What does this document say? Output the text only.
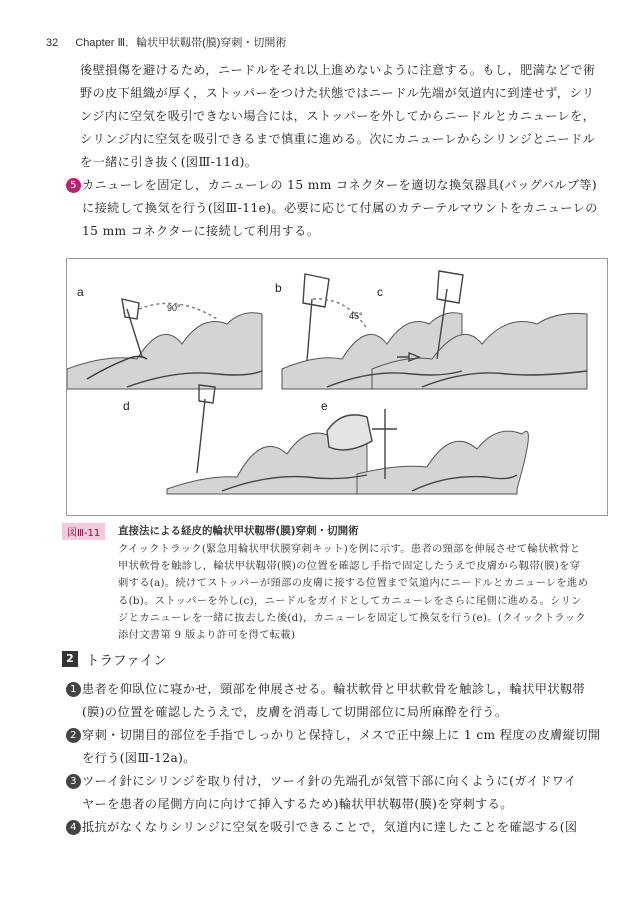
32 Chapter Ⅲ．輪状甲状靱帯(膜)穿刺・切開術

後壁損傷を避けるため，ニードルをそれ以上進めないように注意する。もし，肥満などで術

野の皮下組織が厚く，ストッパーをつけた状態ではニードル先端が気道内に到達せず，シリ

ンジ内に空気を吸引できない場合には，ストッパーを外してからニードルとカニューレを，

シリンジ内に空気を吸引できるまで慎重に進める。次にカニューレからシリンジとニードル

を一緒に引き抜く(図Ⅲ-11d)。

5 カニューレを固定し，カニューレの 15 mm コネクターを適切な換気器具(バッグバルブ等)

に接続して換気を行う(図Ⅲ-11e)。必要に応じて付属のカテーテルマウントをカニューレの

15 mm コネクターに接続して利用する。

a	b	c
d	e
90°
45°
図Ⅲ-11	直接法による経皮的輪状甲状靱帯(膜)穿刺・切開術

クイックトラック(緊急用輪状甲状膜穿刺キット)を例に示す。患者の頸部を伸展させて輪状軟骨と

甲状軟骨を触診し，輪状甲状靱帯(膜)の位置を確認し手指で固定したうえで皮膚から靱帯(膜)を穿

刺する(a)。続けてストッパーが頸部の皮膚に接する位置まで気道内にニードルとカニューレを進め

る(b)。ストッパーを外し(c)，ニードルをガイドとしてカニューレをさらに尾側に進める。シリン

ジとカニューレを一緒に抜去した後(d)，カニューレを固定して換気を行う(e)。(クイックトラック

添付文書第 9 版より許可を得て転載)

2 トラファイン

1 患者を仰臥位に寝かせ，頸部を伸展させる。輪状軟骨と甲状軟骨を触診し，輪状甲状靱帯

(膜)の位置を確認したうえで，皮膚を消毒して切開部位に局所麻酔を行う。

2 穿刺・切開目的部位を手指でしっかりと保持し，メスで正中線上に 1 cm 程度の皮膚縦切開

を行う(図Ⅲ-12a)。

3 ツーイ針にシリンジを取り付け，ツーイ針の先端孔が気管下部に向くように(ガイドワイ

ヤーを患者の尾側方向に向けて挿入するため)輪状甲状靱帯(膜)を穿刺する。

4 抵抗がなくなりシリンジに空気を吸引できることで，気道内に達したことを確認する(図
